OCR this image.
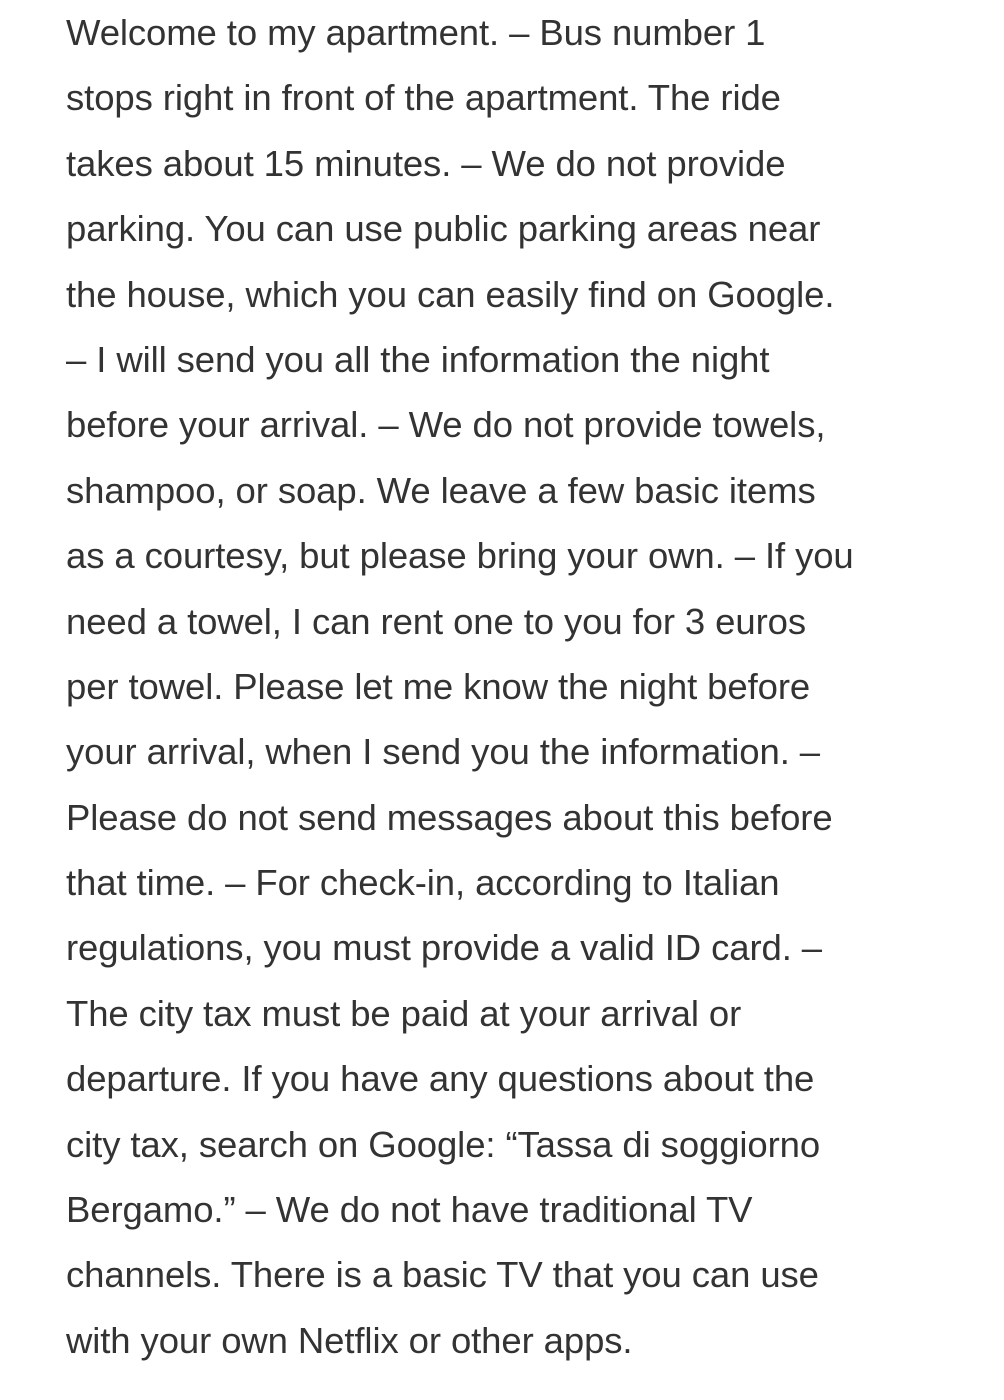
Welcome to my apartment. – Bus number 1
stops right in front of the apartment. The ride
takes about 15 minutes. – We do not provide
parking. You can use public parking areas near
the house, which you can easily find on Google.
– I will send you all the information the night
before your arrival. – We do not provide towels,
shampoo, or soap. We leave a few basic items
as a courtesy, but please bring your own. – If you
need a towel, I can rent one to you for 3 euros
per towel. Please let me know the night before
your arrival, when I send you the information. –
Please do not send messages about this before
that time. – For check-in, according to Italian
regulations, you must provide a valid ID card. –
The city tax must be paid at your arrival or
departure. If you have any questions about the
city tax, search on Google: “Tassa di soggiorno
Bergamo.” – We do not have traditional TV
channels. There is a basic TV that you can use
with your own Netflix or other apps.
